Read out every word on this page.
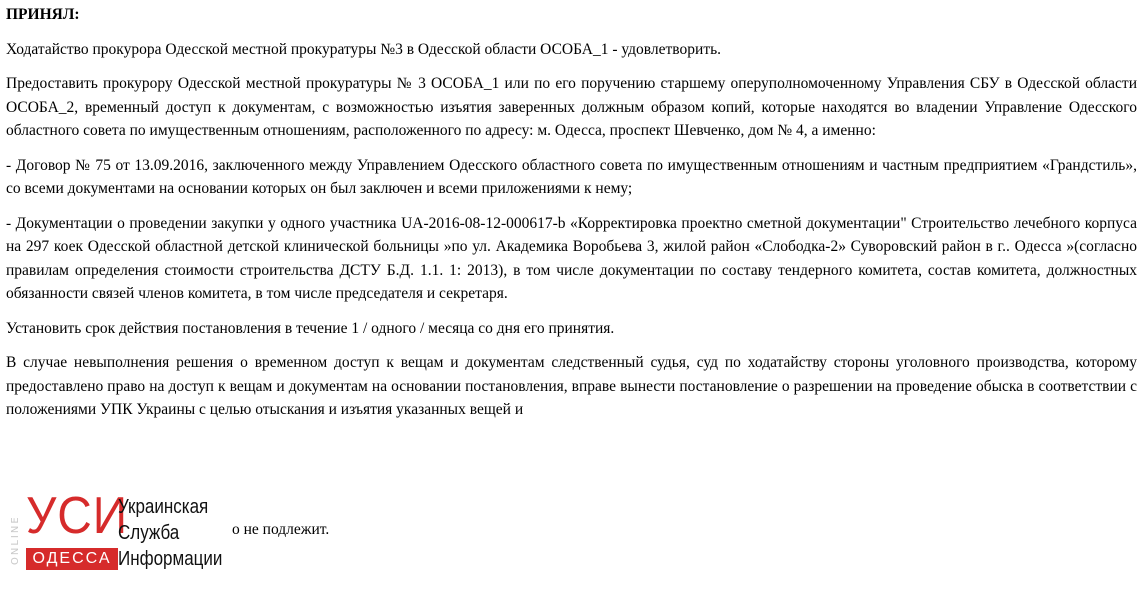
ПРИНЯЛ:

Ходатайство прокурора Одесской местной прокуратуры №3 в Одесской области ОСОБА_1 - удовлетворить.

Предоставить прокурору Одесской местной прокуратуры № 3 ОСОБА_1 или по его поручению старшему оперуполномоченному Управления СБУ в Одесской области ОСОБА_2, временный доступ к документам, с возможностью изъятия заверенных должным образом копий, которые находятся во владении Управление Одесского областного совета по имущественным отношениям, расположенного по адресу: м. Одесса, проспект Шевченко, дом № 4, а именно:

- Договор № 75 от 13.09.2016, заключенного между Управлением Одесского областного совета по имущественным отношениям и частным предприятием «Грандстиль», со всеми документами на основании которых он был заключен и всеми приложениями к нему;

- Документации о проведении закупки у одного участника UA-2016-08-12-000617-b «Корректировка проектно сметной документации" Строительство лечебного корпуса на 297 коек Одесской областной детской клинической больницы »по ул. Академика Воробьева 3, жилой район «Слободка-2» Суворовский район в г.. Одесса »(согласно правилам определения стоимости строительства ДСТУ Б.Д. 1.1. 1: 2013), в том числе документации по составу тендерного комитета, состав комитета, должностных обязанности связей членов комитета, в том числе председателя и секретаря.

Установить срок действия постановления в течение 1 / одного / месяца со дня его принятия.

В случае невыполнения решения о временном доступ к вещам и документам следственный судья, суд по ходатайству стороны уголовного производства, которому предоставлено право на доступ к вещам и документам на основании постановления, вправе вынести постановление о разрешении на проведение обыска в соответствии с положениями УПК Украины с целью отыскания и изъятия указанных вещей и

о не подлежит.
ONLINE УСИ
ОДЕССА
Украинская
Служба
Информации
